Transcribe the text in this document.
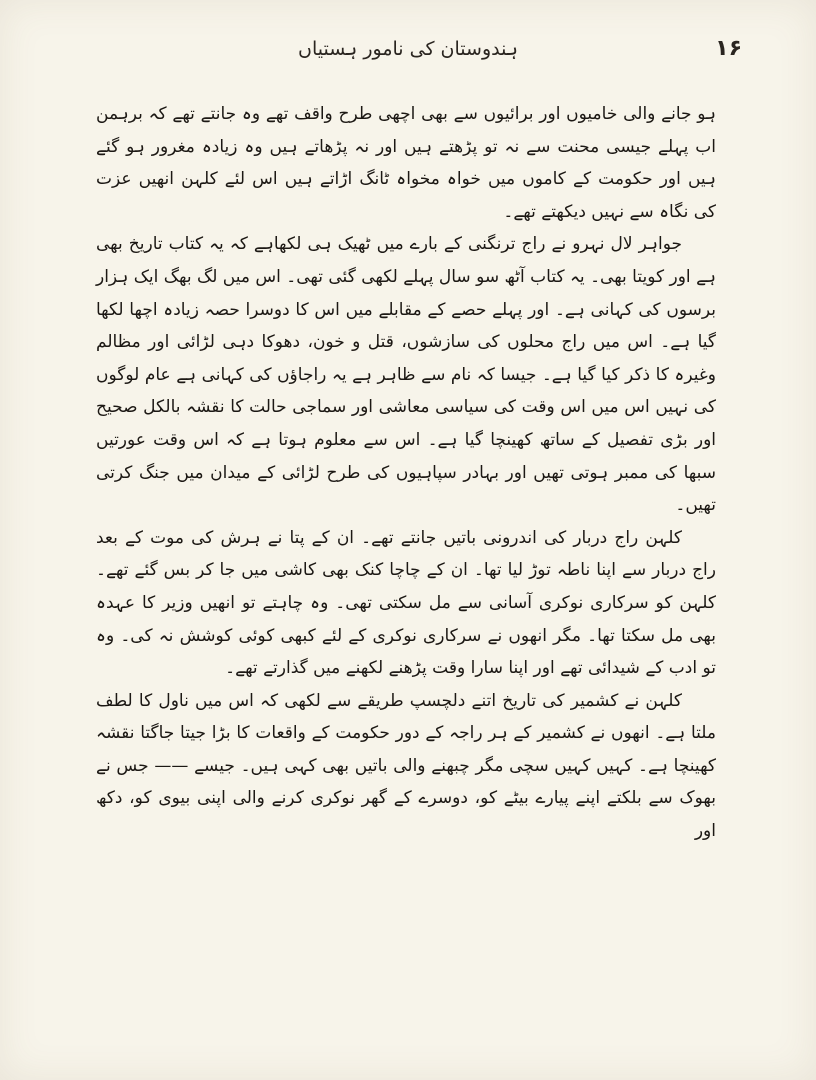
ہندوستان کی نامور ہستیاں	۱۶

ہو جانے والی خامیوں اور برائیوں سے بھی اچھی طرح واقف تھے وہ جانتے تھے کہ برہمن اب پہلے جیسی محنت سے نہ تو پڑھتے ہیں اور نہ پڑھاتے ہیں وہ زیادہ مغرور ہو گئے ہیں اور حکومت کے کاموں میں خواہ مخواہ ٹانگ اڑاتے ہیں اس لئے کلہن انھیں عزت کی نگاہ سے نہیں دیکھتے تھے۔

جواہر لال نہرو نے راج ترنگنی کے بارے میں ٹھیک ہی لکھاہے کہ یہ کتاب تاریخ بھی ہے اور کویتا بھی۔ یہ کتاب آٹھ سو سال پہلے لکھی گئی تھی۔ اس میں لگ بھگ ایک ہزار برسوں کی کہانی ہے۔ اور پہلے حصے کے مقابلے میں اس کا دوسرا حصہ زیادہ اچھا لکھا گیا ہے۔ اس میں راج محلوں کی سازشوں، قتل و خون، دھوکا دہی لڑائی اور مظالم وغیرہ کا ذکر کیا گیا ہے۔ جیسا کہ نام سے ظاہر ہے یہ راجاؤں کی کہانی ہے عام لوگوں کی نہیں اس میں اس وقت کی سیاسی معاشی اور سماجی حالت کا نقشہ بالکل صحیح اور بڑی تفصیل کے ساتھ کھینچا گیا ہے۔ اس سے معلوم ہوتا ہے کہ اس وقت عورتیں سبھا کی ممبر ہوتی تھیں اور بہادر سپاہیوں کی طرح لڑائی کے میدان میں جنگ کرتی تھیں۔

کلہن راج دربار کی اندرونی باتیں جانتے تھے۔ ان کے پتا نے ہرش کی موت کے بعد راج دربار سے اپنا ناطہ توڑ لیا تھا۔ ان کے چاچا کنک بھی کاشی میں جا کر بس گئے تھے۔ کلہن کو سرکاری نوکری آسانی سے مل سکتی تھی۔ وہ چاہتے تو انھیں وزیر کا عہدہ بھی مل سکتا تھا۔ مگر انھوں نے سرکاری نوکری کے لئے کبھی کوئی کوشش نہ کی۔ وہ تو ادب کے شیدائی تھے اور اپنا سارا وقت پڑھنے لکھنے میں گذارتے تھے۔

کلہن نے کشمیر کی تاریخ اتنے دلچسپ طریقے سے لکھی کہ اس میں ناول کا لطف ملتا ہے۔ انھوں نے کشمیر کے ہر راجہ کے دور حکومت کے واقعات کا بڑا جیتا جاگتا نقشہ کھینچا ہے۔ کہیں کہیں سچی مگر چبھنے والی باتیں بھی کہی ہیں۔ جیسے —— جس نے بھوک سے بلکتے اپنے پیارے بیٹے کو، دوسرے کے گھر نوکری کرنے والی اپنی بیوی کو، دکھ اور
